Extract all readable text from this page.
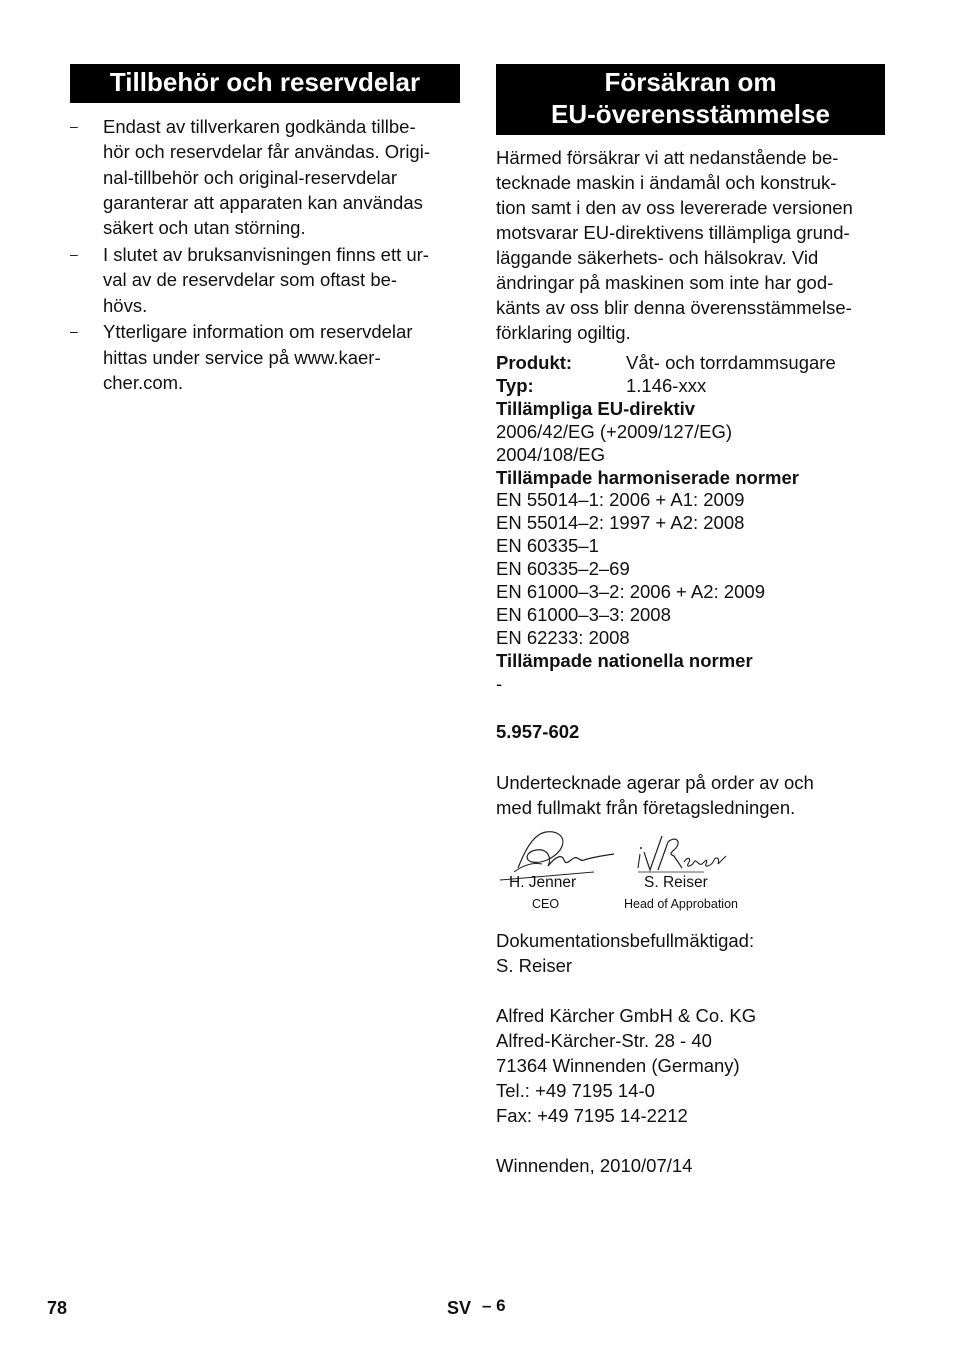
Tillbehör och reservdelar
– Endast av tillverkaren godkända tillbe-
hör och reservdelar får användas. Origi-
nal-tillbehör och original-reservdelar
garanterar att apparaten kan användas
säkert och utan störning.
– I slutet av bruksanvisningen finns ett ur-
val av de reservdelar som oftast be-
hövs.
– Ytterligare information om reservdelar
hittas under service på www.kaer-
cher.com.
Försäkran om
EU-överensstämmelse
Härmed försäkrar vi att nedanstående be-
tecknade maskin i ändamål och konstruk-
tion samt i den av oss levererade versionen
motsvarar EU-direktivens tillämpliga grund-
läggande säkerhets- och hälsokrav. Vid
ändringar på maskinen som inte har god-
känts av oss blir denna överensstämmelse-
förklaring ogiltig.
Produkt:	Våt- och torrdammsugare
Typ:	1.146-xxx
Tillämpliga EU-direktiv
2006/42/EG (+2009/127/EG)
2004/108/EG
Tillämpade harmoniserade normer
EN 55014–1: 2006 + A1: 2009
EN 55014–2: 1997 + A2: 2008
EN 60335–1
EN 60335–2–69
EN 61000–3–2: 2006 + A2: 2009
EN 61000–3–3: 2008
EN 62233: 2008
Tillämpade nationella normer
-
5.957-602
Undertecknade agerar på order av och
med fullmakt från företagsledningen.
H. Jenner
CEO
S. Reiser
Head of Approbation
Dokumentationsbefullmäktigad:
S. Reiser
Alfred Kärcher GmbH & Co. KG
Alfred-Kärcher-Str. 28 - 40
71364 Winnenden (Germany)
Tel.: +49 7195 14-0
Fax: +49 7195 14-2212
Winnenden, 2010/07/14
78	SV – 6
